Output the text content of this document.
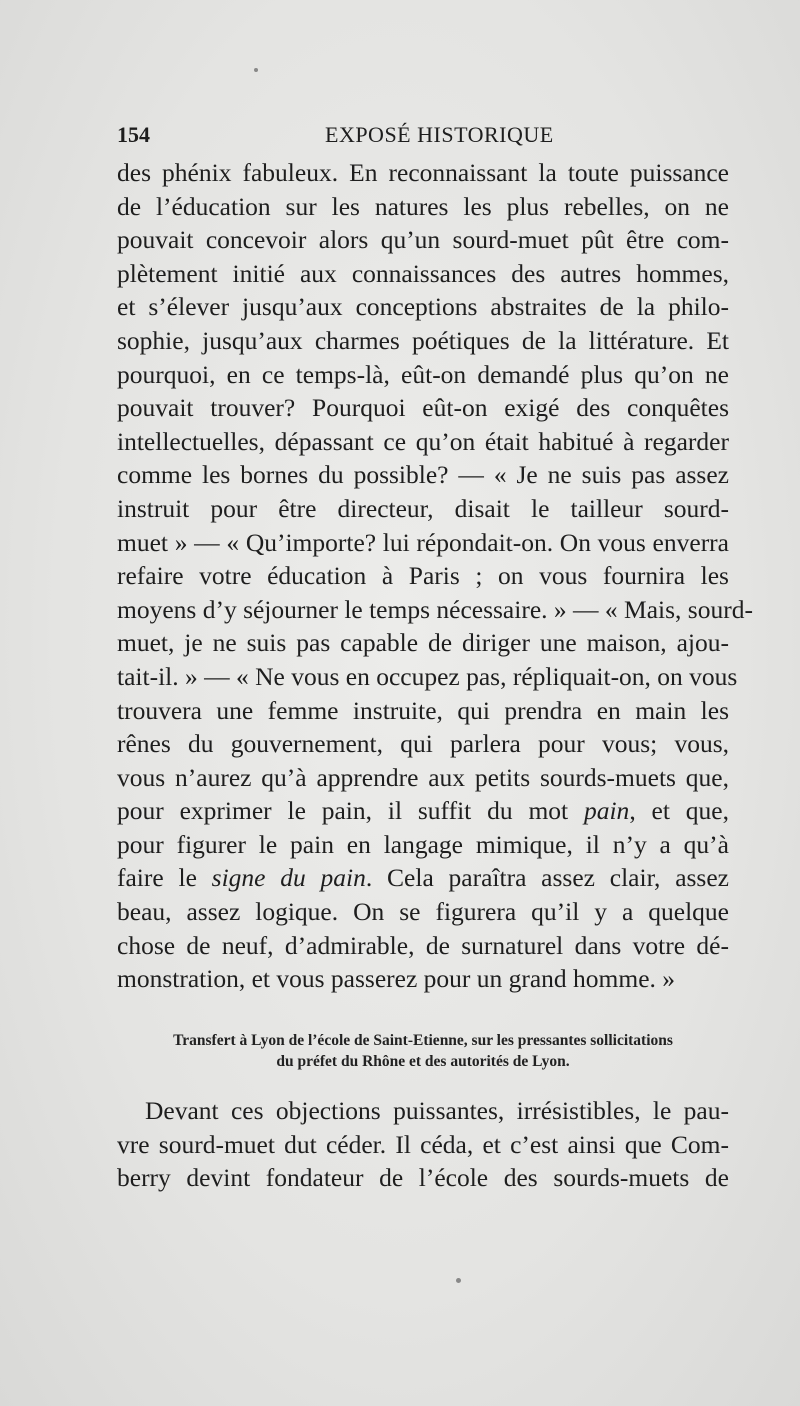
154	EXPOSÉ HISTORIQUE
des phénix fabuleux. En reconnaissant la toute puissance
de l’éducation sur les natures les plus rebelles, on ne
pouvait concevoir alors qu’un sourd-muet pût être com-
plètement initié aux connaissances des autres hommes,
et s’élever jusqu’aux conceptions abstraites de la philo-
sophie, jusqu’aux charmes poétiques de la littérature. Et
pourquoi, en ce temps-là, eût-on demandé plus qu’on ne
pouvait trouver? Pourquoi eût-on exigé des conquêtes
intellectuelles, dépassant ce qu’on était habitué à regarder
comme les bornes du possible? — « Je ne suis pas assez
instruit pour être directeur, disait le tailleur sourd-
muet » — « Qu’importe? lui répondait-on. On vous enverra
refaire votre éducation à Paris ; on vous fournira les
moyens d’y séjourner le temps nécessaire. » — « Mais, sourd-
muet, je ne suis pas capable de diriger une maison, ajou-
tait-il. » — « Ne vous en occupez pas, répliquait-on, on vous
trouvera une femme instruite, qui prendra en main les
rênes du gouvernement, qui parlera pour vous; vous,
vous n’aurez qu’à apprendre aux petits sourds-muets que,
pour exprimer le pain, il suffit du mot pain, et que,
pour figurer le pain en langage mimique, il n’y a qu’à
faire le signe du pain. Cela paraîtra assez clair, assez
beau, assez logique. On se figurera qu’il y a quelque
chose de neuf, d’admirable, de surnaturel dans votre dé-
monstration, et vous passerez pour un grand homme. »
Transfert à Lyon de l’école de Saint-Etienne, sur les pressantes sollicitations
du préfet du Rhône et des autorités de Lyon.
Devant ces objections puissantes, irrésistibles, le pau-
vre sourd-muet dut céder. Il céda, et c’est ainsi que Com-
berry devint fondateur de l’école des sourds-muets de
